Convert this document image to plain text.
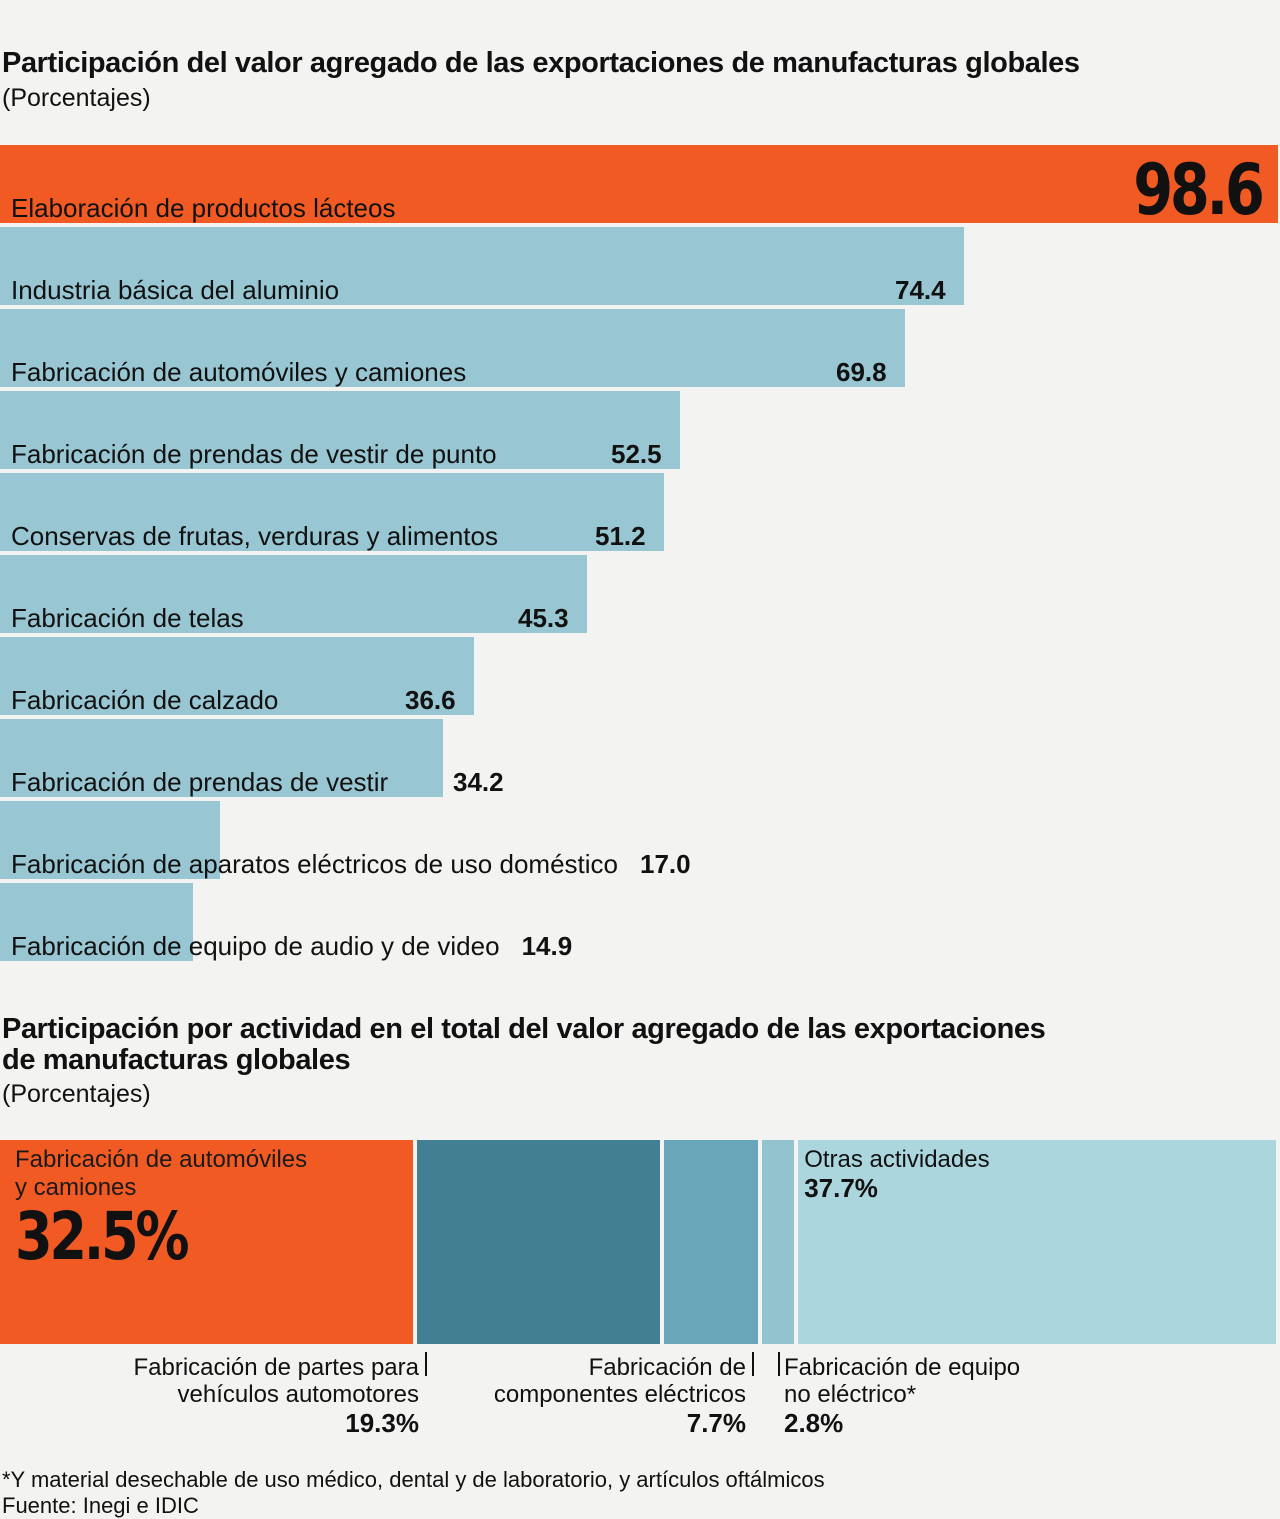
Participación del valor agregado de las exportaciones de manufacturas globales

(Porcentajes)

Elaboración de productos lácteos	98.6
Industria básica del aluminio	74.4
Fabricación de automóviles y camiones	69.8
Fabricación de prendas de vestir de punto	52.5
Conservas de frutas, verduras y alimentos	51.2
Fabricación de telas	45.3
Fabricación de calzado	36.6
Fabricación de prendas de vestir 34.2
Fabricación de aparatos eléctricos de uso doméstico 17.0
Fabricación de equipo de audio y de video 14.9
Participación por actividad en el total del valor agregado de las exportaciones
de manufacturas globales

(Porcentajes)

Fabricación de automóviles
y camiones
32.5%
Otras actividades
37.7%
Fabricación de partes para
vehículos automotores
19.3%
Fabricación de
componentes eléctricos
7.7%
Fabricación de equipo
no eléctrico*
2.8%

*Y material desechable de uso médico, dental y de laboratorio, y artículos oftálmicos

Fuente: Inegi e IDIC
